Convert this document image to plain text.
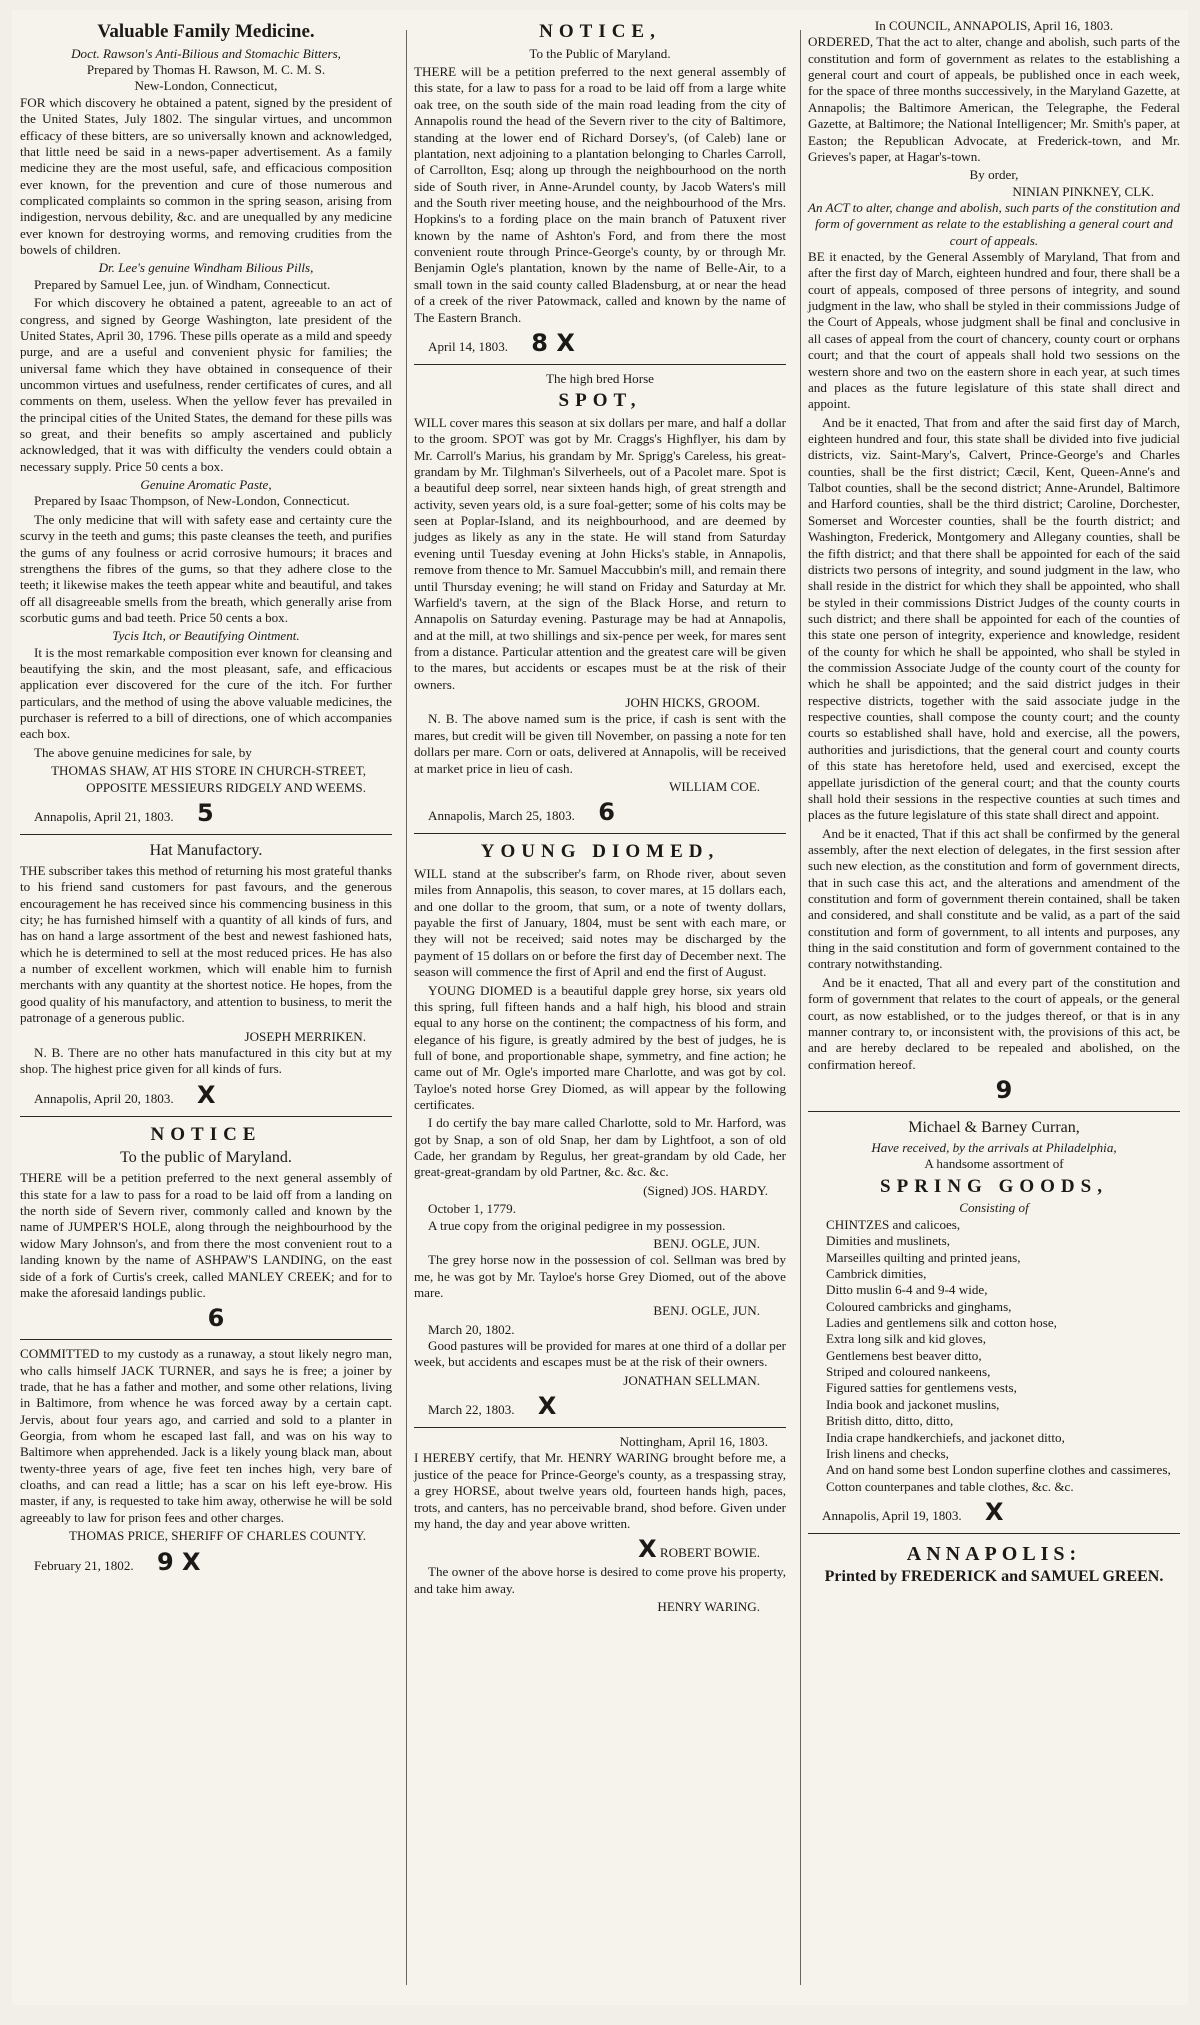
Valuable Family Medicine.
Doct. Rawson's Anti-Bilious and Stomachic Bitters,
Prepared by Thomas H. Rawson, M. C. M. S.
New-London, Connecticut,

FOR which discovery he obtained a patent, signed by the president of the United States, July 1802. The singular virtues, and uncommon efficacy of these bitters, are so universally known and acknowledged, that little need be said in a news-paper advertisement. As a family medicine they are the most useful, safe, and efficacious composition ever known, for the prevention and cure of those numerous and complicated complaints so common in the spring season, arising from indigestion, nervous debility, &c. and are unequalled by any medicine ever known for destroying worms, and removing crudities from the bowels of children.

Dr. Lee's genuine Windham Bilious Pills,

Prepared by Samuel Lee, jun. of Windham, Connecticut.

For which discovery he obtained a patent, agreeable to an act of congress, and signed by George Washington, late president of the United States, April 30, 1796. These pills operate as a mild and speedy purge, and are a useful and convenient physic for families; the universal fame which they have obtained in consequence of their uncommon virtues and usefulness, render certificates of cures, and all comments on them, useless. When the yellow fever has prevailed in the principal cities of the United States, the demand for these pills was so great, and their benefits so amply ascertained and publicly acknowledged, that it was with difficulty the venders could obtain a necessary supply. Price 50 cents a box.

Genuine Aromatic Paste,

Prepared by Isaac Thompson, of New-London, Connecticut.

The only medicine that will with safety ease and certainty cure the scurvy in the teeth and gums; this paste cleanses the teeth, and purifies the gums of any foulness or acrid corrosive humours; it braces and strengthens the fibres of the gums, so that they adhere close to the teeth; it likewise makes the teeth appear white and beautiful, and takes off all disagreeable smells from the breath, which generally arise from scorbutic gums and bad teeth. Price 50 cents a box.

Tycis Itch, or Beautifying Ointment.

It is the most remarkable composition ever known for cleansing and beautifying the skin, and the most pleasant, safe, and efficacious application ever discovered for the cure of the itch. For further particulars, and the method of using the above valuable medicines, the purchaser is referred to a bill of directions, one of which accompanies each box.

The above genuine medicines for sale, by

THOMAS SHAW, AT HIS STORE IN CHURCH-STREET, OPPOSITE MESSIEURS RIDGELY AND WEEMS.
Annapolis, April 21, 1803. 5
Hat Manufactory.

THE subscriber takes this method of returning his most grateful thanks to his friend sand customers for past favours, and the generous encouragement he has received since his commencing business in this city; he has furnished himself with a quantity of all kinds of furs, and has on hand a large assortment of the best and newest fashioned hats, which he is determined to sell at the most reduced prices. He has also a number of excellent workmen, which will enable him to furnish merchants with any quantity at the shortest notice. He hopes, from the good quality of his manufactory, and attention to business, to merit the patronage of a generous public.

JOSEPH MERRIKEN.

N. B. There are no other hats manufactured in this city but at my shop. The highest price given for all kinds of furs.

Annapolis, April 20, 1803. X
NOTICE
To the public of Maryland.

THERE will be a petition preferred to the next general assembly of this state for a law to pass for a road to be laid off from a landing on the north side of Severn river, commonly called and known by the name of JUMPER'S HOLE, along through the neighbourhood by the widow Mary Johnson's, and from there the most convenient rout to a landing known by the name of ASHPAW'S LANDING, on the east side of a fork of Curtis's creek, called MANLEY CREEK; and for to make the aforesaid landings public.

6

COMMITTED to my custody as a runaway, a stout likely negro man, who calls himself JACK TURNER, and says he is free; a joiner by trade, that he has a father and mother, and some other relations, living in Baltimore, from whence he was forced away by a certain capt. Jervis, about four years ago, and carried and sold to a planter in Georgia, from whom he escaped last fall, and was on his way to Baltimore when apprehended. Jack is a likely young black man, about twenty-three years of age, five feet ten inches high, very bare of cloaths, and can read a little; has a scar on his left eye-brow. His master, if any, is requested to take him away, otherwise he will be sold agreeably to law for prison fees and other charges.

THOMAS PRICE, SHERIFF OF CHARLES COUNTY.
February 21, 1802. 9 X
NOTICE,
To the Public of Maryland.

THERE will be a petition preferred to the next general assembly of this state, for a law to pass for a road to be laid off from a large white oak tree, on the south side of the main road leading from the city of Annapolis round the head of the Severn river to the city of Baltimore, standing at the lower end of Richard Dorsey's, (of Caleb) lane or plantation, next adjoining to a plantation belonging to Charles Carroll, of Carrollton, Esq; along up through the neighbourhood on the north side of South river, in Anne-Arundel county, by Jacob Waters's mill and the South river meeting house, and the neighbourhood of the Mrs. Hopkins's to a fording place on the main branch of Patuxent river known by the name of Ashton's Ford, and from there the most convenient route through Prince-George's county, by or through Mr. Benjamin Ogle's plantation, known by the name of Belle-Air, to a small town in the said county called Bladensburg, at or near the head of a creek of the river Patowmack, called and known by the name of The Eastern Branch.

April 14, 1803. 8 X
The high bred Horse
SPOT,

WILL cover mares this season at six dollars per mare, and half a dollar to the groom. SPOT was got by Mr. Craggs's Highflyer, his dam by Mr. Carroll's Marius, his grandam by Mr. Sprigg's Careless, his great-grandam by Mr. Tilghman's Silverheels, out of a Pacolet mare. Spot is a beautiful deep sorrel, near sixteen hands high, of great strength and activity, seven years old, is a sure foal-getter; some of his colts may be seen at Poplar-Island, and its neighbourhood, and are deemed by judges as likely as any in the state. He will stand from Saturday evening until Tuesday evening at John Hicks's stable, in Annapolis, remove from thence to Mr. Samuel Maccubbin's mill, and remain there until Thursday evening; he will stand on Friday and Saturday at Mr. Warfield's tavern, at the sign of the Black Horse, and return to Annapolis on Saturday evening. Pasturage may be had at Annapolis, and at the mill, at two shillings and six-pence per week, for mares sent from a distance. Particular attention and the greatest care will be given to the mares, but accidents or escapes must be at the risk of their owners.

JOHN HICKS, GROOM.

N. B. The above named sum is the price, if cash is sent with the mares, but credit will be given till November, on passing a note for ten dollars per mare. Corn or oats, delivered at Annapolis, will be received at market price in lieu of cash.

WILLIAM COE.
Annapolis, March 25, 1803. 6
YOUNG DIOMED,

WILL stand at the subscriber's farm, on Rhode river, about seven miles from Annapolis, this season, to cover mares, at 15 dollars each, and one dollar to the groom, that sum, or a note of twenty dollars, payable the first of January, 1804, must be sent with each mare, or they will not be received; said notes may be discharged by the payment of 15 dollars on or before the first day of December next. The season will commence the first of April and end the first of August.

YOUNG DIOMED is a beautiful dapple grey horse, six years old this spring, full fifteen hands and a half high, his blood and strain equal to any horse on the continent; the compactness of his form, and elegance of his figure, is greatly admired by the best of judges, he is full of bone, and proportionable shape, symmetry, and fine action; he came out of Mr. Ogle's imported mare Charlotte, and was got by col. Tayloe's noted horse Grey Diomed, as will appear by the following certificates.

I do certify the bay mare called Charlotte, sold to Mr. Harford, was got by Snap, a son of old Snap, her dam by Lightfoot, a son of old Cade, her grandam by Regulus, her great-grandam by old Cade, her great-great-grandam by old Partner, &c. &c. &c.

(Signed) JOS. HARDY.
October 1, 1779.

A true copy from the original pedigree in my possession.

BENJ. OGLE, JUN.

The grey horse now in the possession of col. Sellman was bred by me, he was got by Mr. Tayloe's horse Grey Diomed, out of the above mare.

BENJ. OGLE, JUN.
March 20, 1802.

Good pastures will be provided for mares at one third of a dollar per week, but accidents and escapes must be at the risk of their owners.

JONATHAN SELLMAN.
March 22, 1803. X
Nottingham, April 16, 1803.

I HEREBY certify, that Mr. HENRY WARING brought before me, a justice of the peace for Prince-George's county, as a trespassing stray, a grey HORSE, about twelve years old, fourteen hands high, paces, trots, and canters, has no perceivable brand, shod before. Given under my hand, the day and year above written.

X ROBERT BOWIE.

The owner of the above horse is desired to come prove his property, and take him away.

HENRY WARING.
In COUNCIL, ANNAPOLIS, April 16, 1803.

ORDERED, That the act to alter, change and abolish, such parts of the constitution and form of government as relates to the establishing a general court and court of appeals, be published once in each week, for the space of three months successively, in the Maryland Gazette, at Annapolis; the Baltimore American, the Telegraphe, the Federal Gazette, at Baltimore; the National Intelligencer; Mr. Smith's paper, at Easton; the Republican Advocate, at Frederick-town, and Mr. Grieves's paper, at Hagar's-town.

By order,
NINIAN PINKNEY, CLK.
An ACT to alter, change and abolish, such parts of the constitution and form of government as relate to the establishing a general court and court of appeals.

BE it enacted, by the General Assembly of Maryland, That from and after the first day of March, eighteen hundred and four, there shall be a court of appeals, composed of three persons of integrity, and sound judgment in the law, who shall be styled in their commissions Judge of the Court of Appeals, whose judgment shall be final and conclusive in all cases of appeal from the court of chancery, county court or orphans court; and that the court of appeals shall hold two sessions on the western shore and two on the eastern shore in each year, at such times and places as the future legislature of this state shall direct and appoint.

And be it enacted, That from and after the said first day of March, eighteen hundred and four, this state shall be divided into five judicial districts, viz. Saint-Mary's, Calvert, Prince-George's and Charles counties, shall be the first district; Cæcil, Kent, Queen-Anne's and Talbot counties, shall be the second district; Anne-Arundel, Baltimore and Harford counties, shall be the third district; Caroline, Dorchester, Somerset and Worcester counties, shall be the fourth district; and Washington, Frederick, Montgomery and Allegany counties, shall be the fifth district; and that there shall be appointed for each of the said districts two persons of integrity, and sound judgment in the law, who shall reside in the district for which they shall be appointed, who shall be styled in their commissions District Judges of the county courts in such district; and there shall be appointed for each of the counties of this state one person of integrity, experience and knowledge, resident of the county for which he shall be appointed, who shall be styled in the commission Associate Judge of the county court of the county for which he shall be appointed; and the said district judges in their respective districts, together with the said associate judge in the respective counties, shall compose the county court; and the county courts so established shall have, hold and exercise, all the powers, authorities and jurisdictions, that the general court and county courts of this state has heretofore held, used and exercised, except the appellate jurisdiction of the general court; and that the county courts shall hold their sessions in the respective counties at such times and places as the future legislature of this state shall direct and appoint.

And be it enacted, That if this act shall be confirmed by the general assembly, after the next election of delegates, in the first session after such new election, as the constitution and form of government directs, that in such case this act, and the alterations and amendment of the constitution and form of government therein contained, shall be taken and considered, and shall constitute and be valid, as a part of the said constitution and form of government, to all intents and purposes, any thing in the said constitution and form of government contained to the contrary notwithstanding.

And be it enacted, That all and every part of the constitution and form of government that relates to the court of appeals, or the general court, as now established, or to the judges thereof, or that is in any manner contrary to, or inconsistent with, the provisions of this act, be and are hereby declared to be repealed and abolished, on the confirmation hereof.

9
Michael & Barney Curran,
Have received, by the arrivals at Philadelphia,
A handsome assortment of
SPRING GOODS,
Consisting of
CHINTZES and calicoes,
Dimities and muslinets,
Marseilles quilting and printed jeans,
Cambrick dimities,
Ditto muslin 6-4 and 9-4 wide,
Coloured cambricks and ginghams,
Ladies and gentlemens silk and cotton hose,
Extra long silk and kid gloves,
Gentlemens best beaver ditto,
Striped and coloured nankeens,
Figured satties for gentlemens vests,
India book and jackonet muslins,
British ditto, ditto, ditto,
India crape handkerchiefs, and jackonet ditto,
Irish linens and checks,
And on hand some best London superfine clothes and cassimeres,
Cotton counterpanes and table clothes, &c. &c.
Annapolis, April 19, 1803. X
ANNAPOLIS:
Printed by FREDERICK and SAMUEL GREEN.
